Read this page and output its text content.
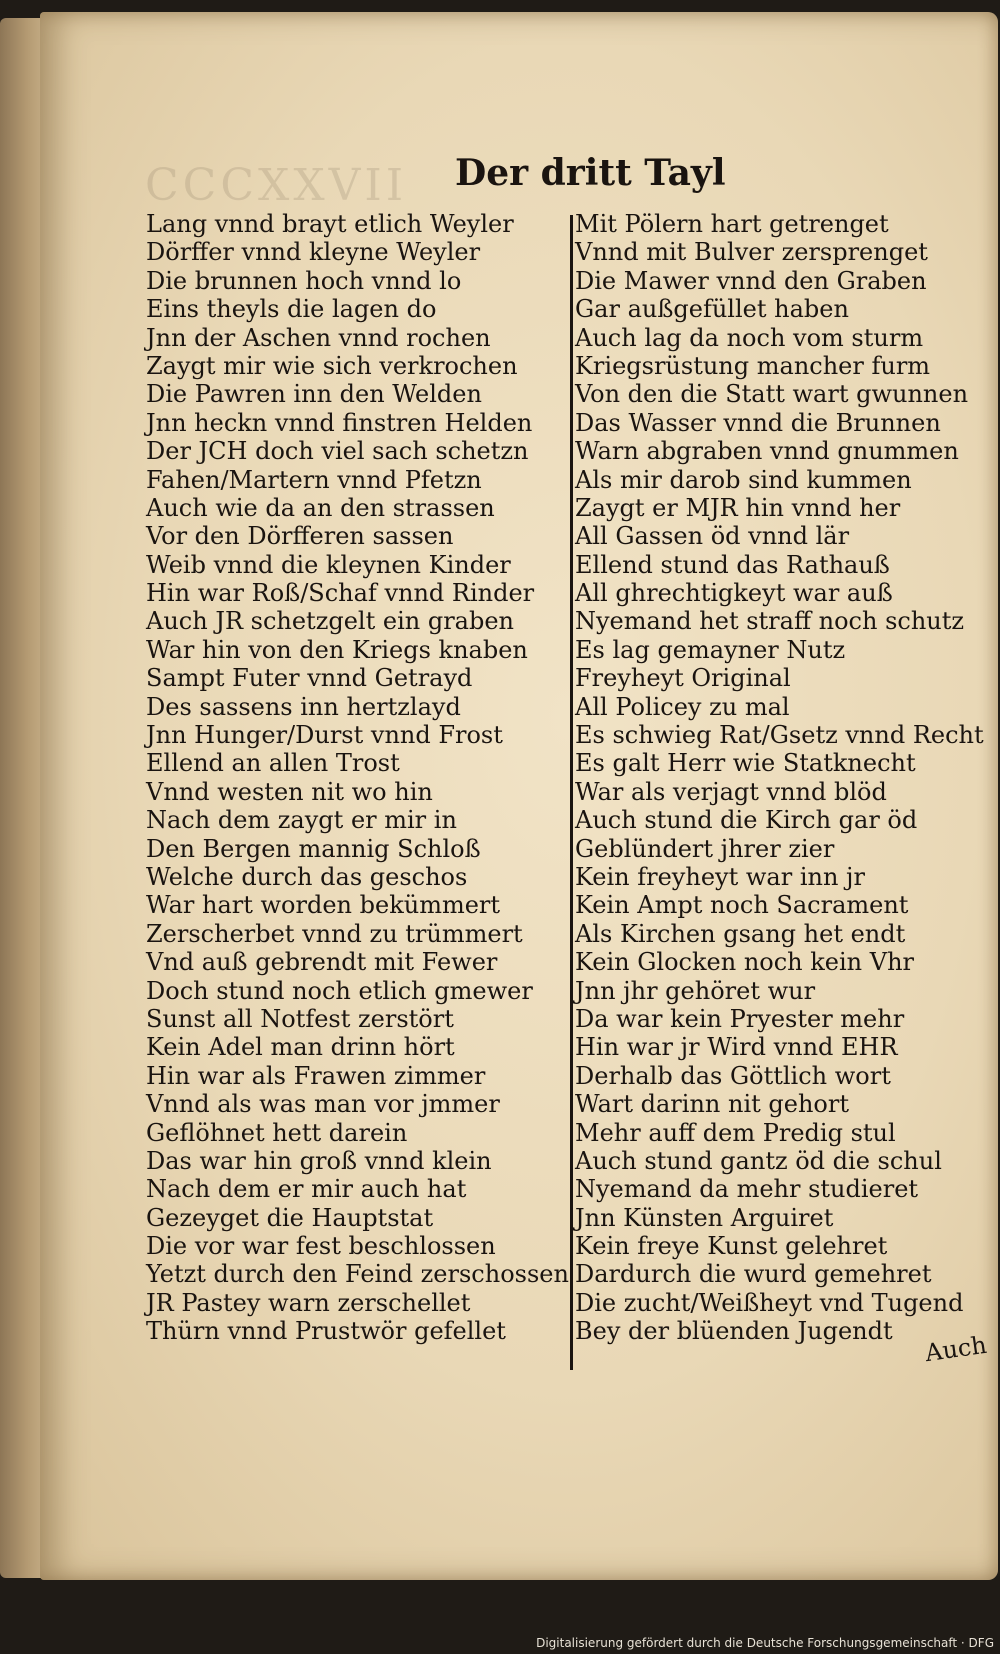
CCCXXVII Der dritt Tayl
Lang vnnd brayt etlich Weyler
Dörffer vnnd kleyne Weyler
Die brunnen hoch vnnd lo
Eins theyls die lagen do
Jnn der Aschen vnnd rochen
Zaygt mir wie sich verkrochen
Die Pawren inn den Welden
Jnn heckn vnnd finstren Helden
Der JCH doch viel sach schetzn
Fahen/Martern vnnd Pfetzn
Auch wie da an den strassen
Vor den Dörfferen sassen
Weib vnnd die kleynen Kinder
Hin war Roß/Schaf vnnd Rinder
Auch JR schetzgelt ein graben
War hin von den Kriegs knaben
Sampt Futer vnnd Getrayd
Des sassens inn hertzlayd
Jnn Hunger/Durst vnnd Frost
Ellend an allen Trost
Vnnd westen nit wo hin
Nach dem zaygt er mir in
Den Bergen mannig Schloß
Welche durch das geschos
War hart worden bekümmert
Zerscherbet vnnd zu trümmert
Vnd auß gebrendt mit Fewer
Doch stund noch etlich gmewer
Sunst all Notfest zerstört
Kein Adel man drinn hört
Hin war als Frawen zimmer
Vnnd als was man vor jmmer
Geflöhnet hett darein
Das war hin groß vnnd klein
Nach dem er mir auch hat
Gezeyget die Hauptstat
Die vor war fest beschlossen
Yetzt durch den Feind zerschossen
JR Pastey warn zerschellet
Thürn vnnd Prustwör gefellet
Mit Pölern hart getrenget
Vnnd mit Bulver zersprenget
Die Mawer vnnd den Graben
Gar außgefüllet haben
Auch lag da noch vom sturm
Kriegsrüstung mancher furm
Von den die Statt wart gwunnen
Das Wasser vnnd die Brunnen
Warn abgraben vnnd gnummen
Als mir darob sind kummen
Zaygt er MJR hin vnnd her
All Gassen öd vnnd lär
Ellend stund das Rathauß
All ghrechtigkeyt war auß
Nyemand het straff noch schutz
Es lag gemayner Nutz
Freyheyt Original
All Policey zu mal
Es schwieg Rat/Gsetz vnnd Recht
Es galt Herr wie Statknecht
War als verjagt vnnd blöd
Auch stund die Kirch gar öd
Geblündert jhrer zier
Kein freyheyt war inn jr
Kein Ampt noch Sacrament
Als Kirchen gsang het endt
Kein Glocken noch kein Vhr
Jnn jhr gehöret wur
Da war kein Pryester mehr
Hin war jr Wird vnnd EHR
Derhalb das Göttlich wort
Wart darinn nit gehort
Mehr auff dem Predig stul
Auch stund gantz öd die schul
Nyemand da mehr studieret
Jnn Künsten Arguiret
Kein freye Kunst gelehret
Dardurch die wurd gemehret
Die zucht/Weißheyt vnd Tugend
Bey der blüenden Jugendt	Auch
Digitalisierung gefördert durch die Deutsche Forschungsgemeinschaft · DFG
